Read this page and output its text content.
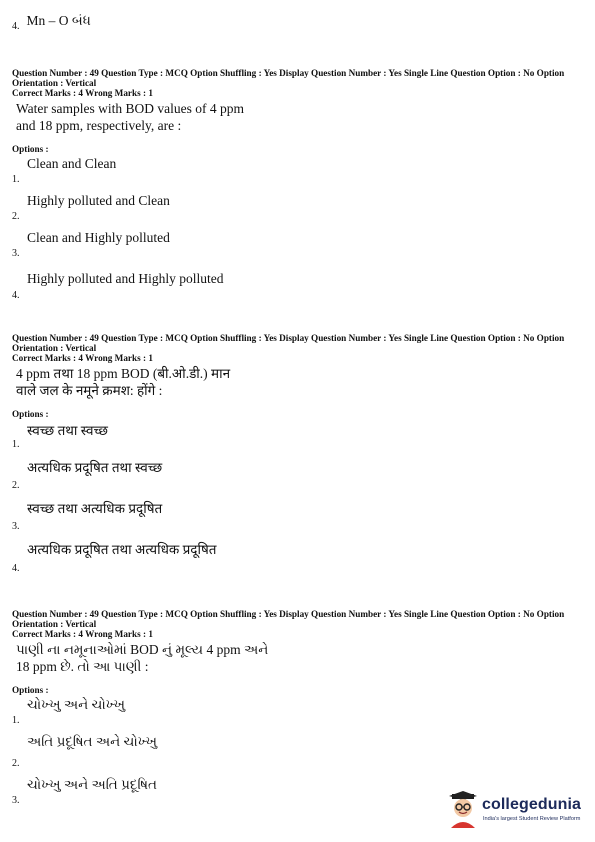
$_{4.}$ Mn – O બંધ
Question Number : 49 Question Type : MCQ Option Shuffling : Yes Display Question Number : Yes Single Line Question Option : No Option Orientation : Vertical
Correct Marks : 4 Wrong Marks : 1
Water samples with BOD values of 4 ppm
and 18 ppm, respectively, are :
Options :
1.
Clean and Clean
2.
Highly polluted and Clean
3.
Clean and Highly polluted
4.
Highly polluted and Highly polluted
Question Number : 49 Question Type : MCQ Option Shuffling : Yes Display Question Number : Yes Single Line Question Option : No Option Orientation : Vertical
Correct Marks : 4 Wrong Marks : 1
4 ppm तथा 18 ppm BOD (बी.ओ.डी.) मान
वाले जल के नमूने क्रमश: होंगे :
Options :
1.
स्वच्छ तथा स्वच्छ
2.
अत्यधिक प्रदूषित तथा स्वच्छ
3.
स्वच्छ तथा अत्यधिक प्रदूषित
4.
अत्यधिक प्रदूषित तथा अत्यधिक प्रदूषित
Question Number : 49 Question Type : MCQ Option Shuffling : Yes Display Question Number : Yes Single Line Question Option : No Option Orientation : Vertical
Correct Marks : 4 Wrong Marks : 1
પાણી ના નમૂનાઓમાં BOD નું મૂલ્ય 4 ppm અને
18 ppm છે. તો આ પાણી :
Options :
1.
ચોખ્ખુ અને ચોખ્ખુ
2.
અતિ પ્રદૂષિત અને ચોખ્ખુ
3.
ચોખ્ખુ અને અતિ પ્રદૂષિત
collegedunia
India's largest Student Review Platform
